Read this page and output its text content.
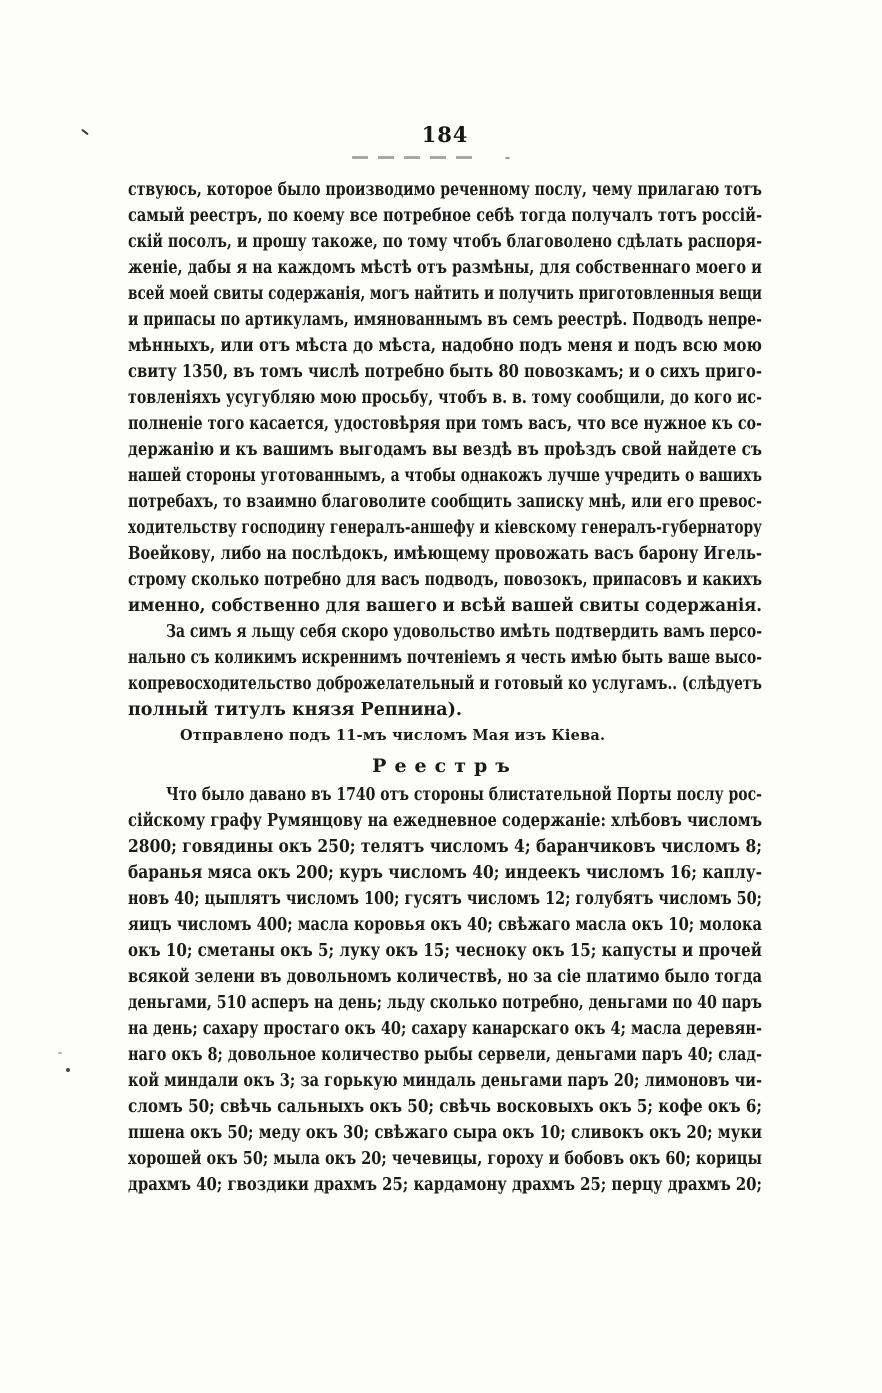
184
ствуюсь, которое было производимо реченному послу, чему прилагаю тотъ
самый реестръ, по коему все потребное себѣ тогда получалъ тотъ россій-
скій посолъ, и прошу такоже, по тому чтобъ благоволено сдѣлать распоря-
женіе, дабы я на каждомъ мѣстѣ отъ размѣны, для собственнаго моего и
всей моей свиты содержанія, могъ найтить и получить приготовленныя вещи
и припасы по артикуламъ, имянованнымъ въ семъ реестрѣ. Подводъ непре-
мѣнныхъ, или отъ мѣста до мѣста, надобно подъ меня и подъ всю мою
свиту 1350, въ томъ числѣ потребно быть 80 повозкамъ; и о сихъ приго-
товленіяхъ усугубляю мою просьбу, чтобъ в. в. тому сообщили, до кого ис-
полненіе того касается, удостовѣряя при томъ васъ, что все нужное къ со-
держанію и къ вашимъ выгодамъ вы вездѣ въ проѣздъ свой найдете съ
нашей стороны уготованнымъ, а чтобы однакожъ лучше учредить о вашихъ
потребахъ, то взаимно благоволите сообщить записку мнѣ, или его превос-
ходительству господину генералъ-аншефу и кіевскому генералъ-губернатору
Воейкову, либо на послѣдокъ, имѣющему провожать васъ барону Игель-
строму сколько потребно для васъ подводъ, повозокъ, припасовъ и какихъ
именно, собственно для вашего и всѣй вашей свиты содержанія.
За симъ я льщу себя скоро удовольство имѣть подтвердить вамъ персо-
нально съ коликимъ искреннимъ почтеніемъ я честь имѣю быть ваше высо-
копревосходительство доброжелательный и готовый ко услугамъ.. (слѣдуетъ
полный титулъ князя Репнина).
Отправлено подъ 11-мъ числомъ Мая изъ Кіева.
Реестръ
Что было давано въ 1740 отъ стороны блистательной Порты послу рос-
сійскому графу Румянцову на ежедневное содержаніе: хлѣбовъ числомъ
2800; говядины окъ 250; телятъ числомъ 4; баранчиковъ числомъ 8;
баранья мяса окъ 200; куръ числомъ 40; индеекъ числомъ 16; каплу-
новъ 40; цыплятъ числомъ 100; гусятъ числомъ 12; голубятъ числомъ 50;
яицъ числомъ 400; масла коровья окъ 40; свѣжаго масла окъ 10; молока
окъ 10; сметаны окъ 5; луку окъ 15; чесноку окъ 15; капусты и прочей
всякой зелени въ довольномъ количествѣ, но за сіе платимо было тогда
деньгами, 510 асперъ на день; льду сколько потребно, деньгами по 40 паръ
на день; сахару простаго окъ 40; сахару канарскаго окъ 4; масла деревян-
наго окъ 8; довольное количество рыбы сервели, деньгами паръ 40; слад-
кой миндали окъ 3; за горькую миндаль деньгами паръ 20; лимоновъ чи-
сломъ 50; свѣчь сальныхъ окъ 50; свѣчь восковыхъ окъ 5; кофе окъ 6;
пшена окъ 50; меду окъ 30; свѣжаго сыра окъ 10; сливокъ окъ 20; муки
хорошей окъ 50; мыла окъ 20; чечевицы, гороху и бобовъ окъ 60; корицы
драхмъ 40; гвоздики драхмъ 25; кардамону драхмъ 25; перцу драхмъ 20;
